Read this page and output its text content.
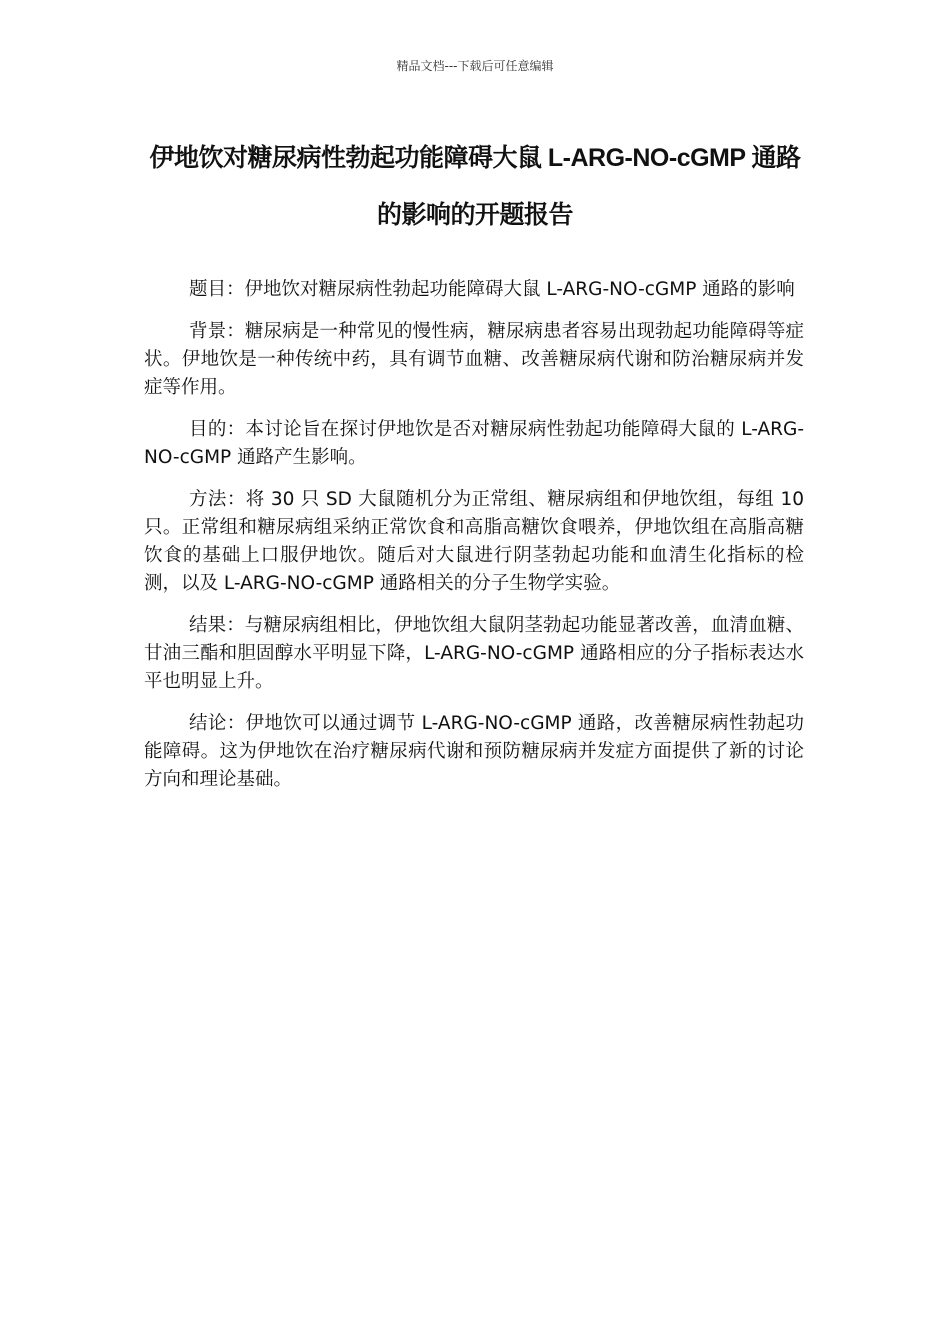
精品文档---下载后可任意编辑
伊地饮对糖尿病性勃起功能障碍大鼠 L-ARG-NO-cGMP 通路的影响的开题报告

题目：伊地饮对糖尿病性勃起功能障碍大鼠 L-ARG-NO-cGMP 通路的影响

背景：糖尿病是一种常见的慢性病，糖尿病患者容易出现勃起功能障碍等症状。伊地饮是一种传统中药，具有调节血糖、改善糖尿病代谢和防治糖尿病并发症等作用。

目的：本讨论旨在探讨伊地饮是否对糖尿病性勃起功能障碍大鼠的 L-ARG-NO-cGMP 通路产生影响。

方法：将 30 只 SD 大鼠随机分为正常组、糖尿病组和伊地饮组，每组 10 只。正常组和糖尿病组采纳正常饮食和高脂高糖饮食喂养，伊地饮组在高脂高糖饮食的基础上口服伊地饮。随后对大鼠进行阴茎勃起功能和血清生化指标的检测，以及 L-ARG-NO-cGMP 通路相关的分子生物学实验。

结果：与糖尿病组相比，伊地饮组大鼠阴茎勃起功能显著改善，血清血糖、甘油三酯和胆固醇水平明显下降，L-ARG-NO-cGMP 通路相应的分子指标表达水平也明显上升。

结论：伊地饮可以通过调节 L-ARG-NO-cGMP 通路，改善糖尿病性勃起功能障碍。这为伊地饮在治疗糖尿病代谢和预防糖尿病并发症方面提供了新的讨论方向和理论基础。
